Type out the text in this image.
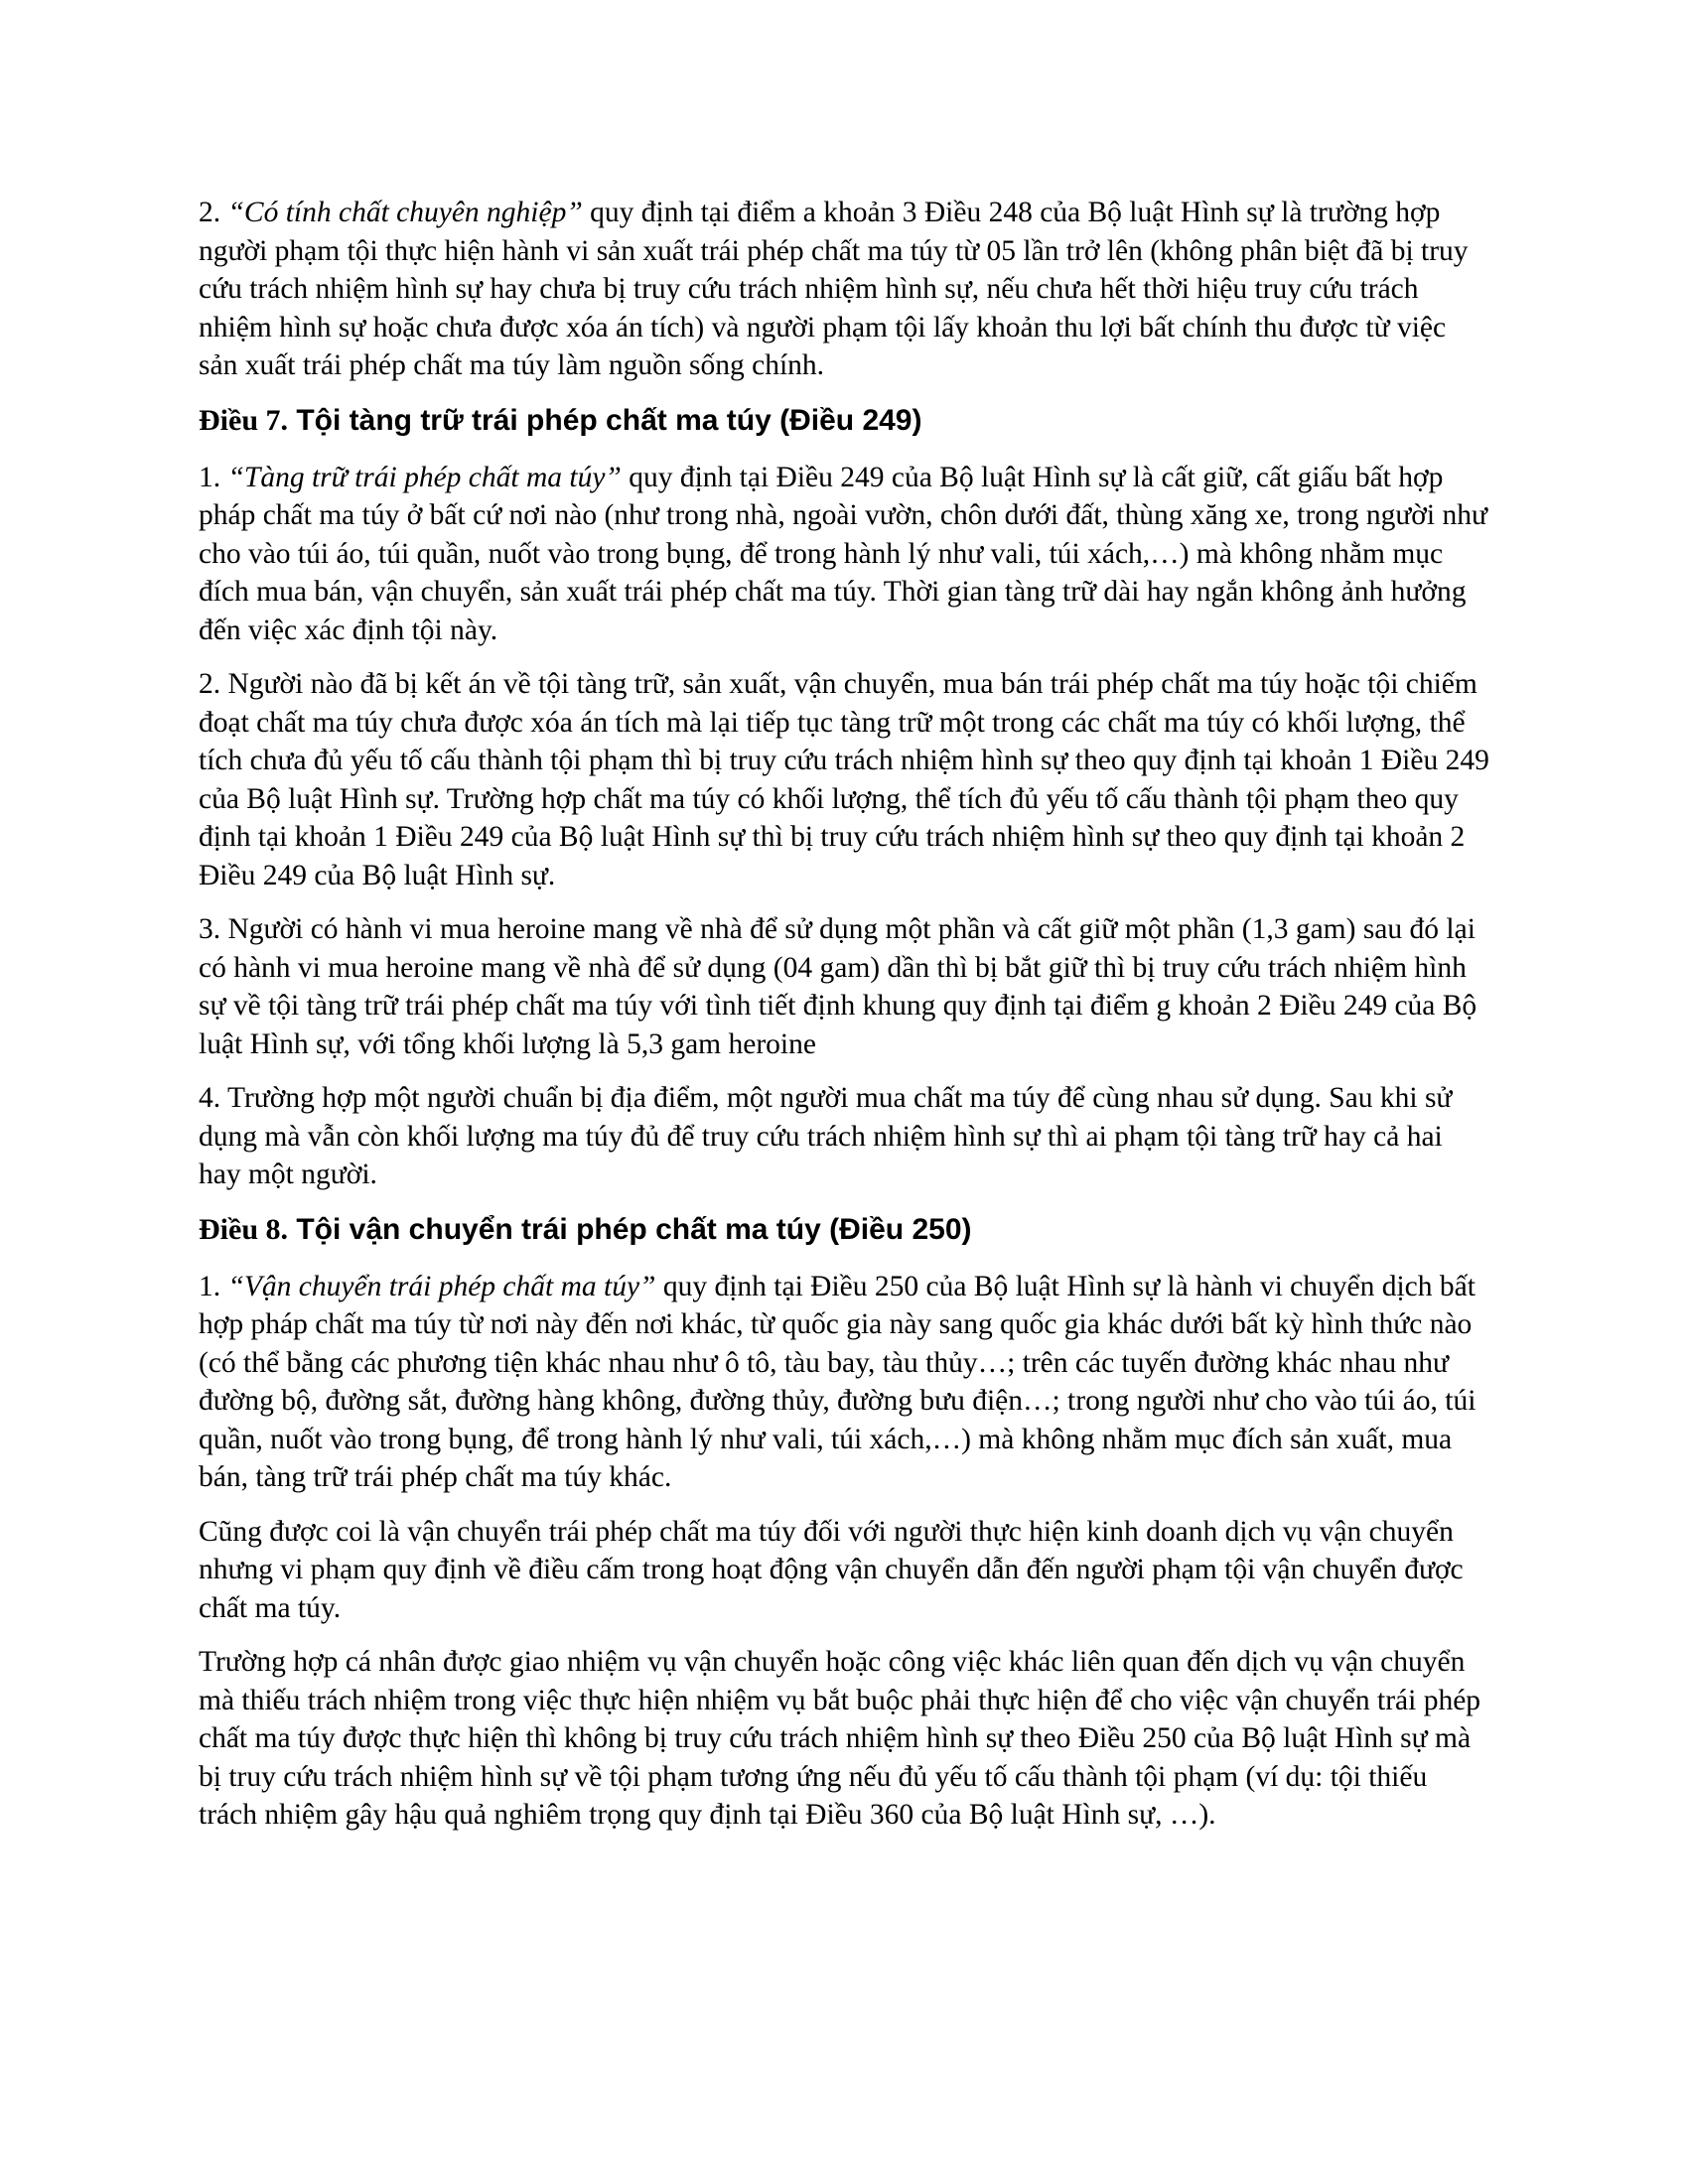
2. “Có tính chất chuyên nghiệp” quy định tại điểm a khoản 3 Điều 248 của Bộ luật Hình sự là trường hợp người phạm tội thực hiện hành vi sản xuất trái phép chất ma túy từ 05 lần trở lên (không phân biệt đã bị truy cứu trách nhiệm hình sự hay chưa bị truy cứu trách nhiệm hình sự, nếu chưa hết thời hiệu truy cứu trách nhiệm hình sự hoặc chưa được xóa án tích) và người phạm tội lấy khoản thu lợi bất chính thu được từ việc sản xuất trái phép chất ma túy làm nguồn sống chính.

Điều 7. Tội tàng trữ trái phép chất ma túy (Điều 249)

1. “Tàng trữ trái phép chất ma túy” quy định tại Điều 249 của Bộ luật Hình sự là cất giữ, cất giấu bất hợp pháp chất ma túy ở bất cứ nơi nào (như trong nhà, ngoài vườn, chôn dưới đất, thùng xăng xe, trong người như cho vào túi áo, túi quần, nuốt vào trong bụng, để trong hành lý như vali, túi xách,…) mà không nhằm mục đích mua bán, vận chuyển, sản xuất trái phép chất ma túy. Thời gian tàng trữ dài hay ngắn không ảnh hưởng đến việc xác định tội này.

2. Người nào đã bị kết án về tội tàng trữ, sản xuất, vận chuyển, mua bán trái phép chất ma túy hoặc tội chiếm đoạt chất ma túy chưa được xóa án tích mà lại tiếp tục tàng trữ một trong các chất ma túy có khối lượng, thể tích chưa đủ yếu tố cấu thành tội phạm thì bị truy cứu trách nhiệm hình sự theo quy định tại khoản 1 Điều 249 của Bộ luật Hình sự. Trường hợp chất ma túy có khối lượng, thể tích đủ yếu tố cấu thành tội phạm theo quy định tại khoản 1 Điều 249 của Bộ luật Hình sự thì bị truy cứu trách nhiệm hình sự theo quy định tại khoản 2 Điều 249 của Bộ luật Hình sự.

3. Người có hành vi mua heroine mang về nhà để sử dụng một phần và cất giữ một phần (1,3 gam) sau đó lại có hành vi mua heroine mang về nhà để sử dụng (04 gam) dần thì bị bắt giữ thì bị truy cứu trách nhiệm hình sự về tội tàng trữ trái phép chất ma túy với tình tiết định khung quy định tại điểm g khoản 2 Điều 249 của Bộ luật Hình sự, với tổng khối lượng là 5,3 gam heroine

4. Trường hợp một người chuẩn bị địa điểm, một người mua chất ma túy để cùng nhau sử dụng. Sau khi sử dụng mà vẫn còn khối lượng ma túy đủ để truy cứu trách nhiệm hình sự thì ai phạm tội tàng trữ hay cả hai hay một người.

Điều 8. Tội vận chuyển trái phép chất ma túy (Điều 250)

1. “Vận chuyển trái phép chất ma túy” quy định tại Điều 250 của Bộ luật Hình sự là hành vi chuyển dịch bất hợp pháp chất ma túy từ nơi này đến nơi khác, từ quốc gia này sang quốc gia khác dưới bất kỳ hình thức nào (có thể bằng các phương tiện khác nhau như ô tô, tàu bay, tàu thủy…; trên các tuyến đường khác nhau như đường bộ, đường sắt, đường hàng không, đường thủy, đường bưu điện…; trong người như cho vào túi áo, túi quần, nuốt vào trong bụng, để trong hành lý như vali, túi xách,…) mà không nhằm mục đích sản xuất, mua bán, tàng trữ trái phép chất ma túy khác.

Cũng được coi là vận chuyển trái phép chất ma túy đối với người thực hiện kinh doanh dịch vụ vận chuyển nhưng vi phạm quy định về điều cấm trong hoạt động vận chuyển dẫn đến người phạm tội vận chuyển được chất ma túy.

Trường hợp cá nhân được giao nhiệm vụ vận chuyển hoặc công việc khác liên quan đến dịch vụ vận chuyển mà thiếu trách nhiệm trong việc thực hiện nhiệm vụ bắt buộc phải thực hiện để cho việc vận chuyển trái phép chất ma túy được thực hiện thì không bị truy cứu trách nhiệm hình sự theo Điều 250 của Bộ luật Hình sự mà bị truy cứu trách nhiệm hình sự về tội phạm tương ứng nếu đủ yếu tố cấu thành tội phạm (ví dụ: tội thiếu trách nhiệm gây hậu quả nghiêm trọng quy định tại Điều 360 của Bộ luật Hình sự, …).
